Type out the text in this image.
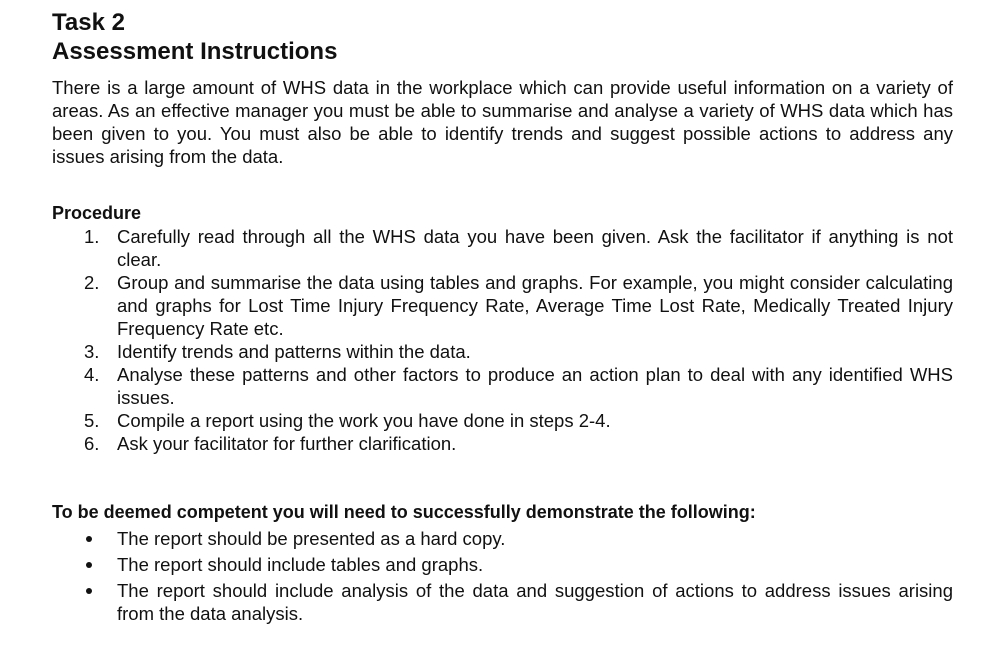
Task 2
Assessment Instructions

There is a large amount of WHS data in the workplace which can provide useful information on a variety of areas. As an effective manager you must be able to summarise and analyse a variety of WHS data which has been given to you. You must also be able to identify trends and suggest possible actions to address any issues arising from the data.

Procedure
1. Carefully read through all the WHS data you have been given. Ask the facilitator if anything is not clear.
2. Group and summarise the data using tables and graphs. For example, you might consider calculating and graphs for Lost Time Injury Frequency Rate, Average Time Lost Rate, Medically Treated Injury Frequency Rate etc.
3. Identify trends and patterns within the data.
4. Analyse these patterns and other factors to produce an action plan to deal with any identified WHS issues.
5. Compile a report using the work you have done in steps 2-4.
6. Ask your facilitator for further clarification.
To be deemed competent you will need to successfully demonstrate the following:
The report should be presented as a hard copy.
The report should include tables and graphs.
The report should include analysis of the data and suggestion of actions to address issues arising from the data analysis.
